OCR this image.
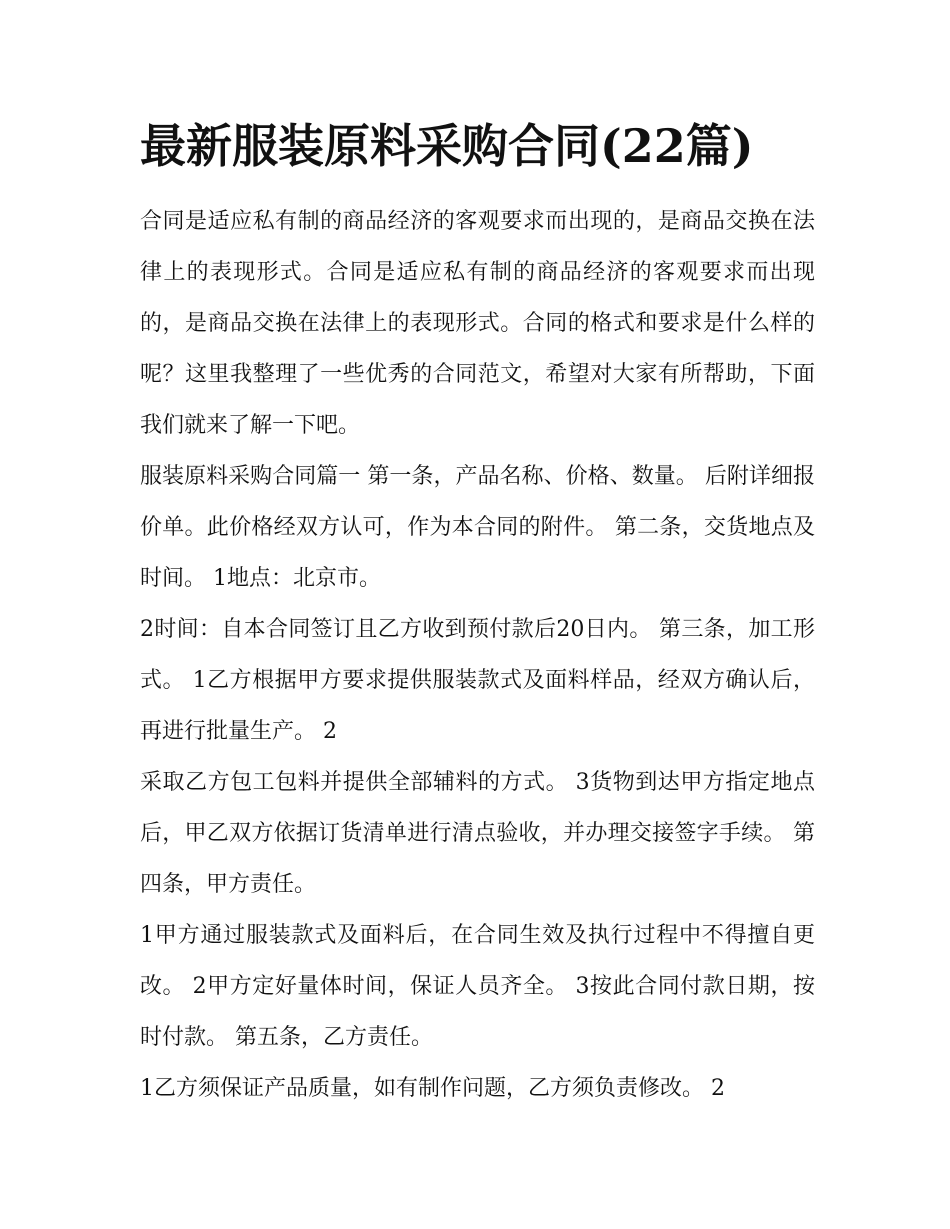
最新服装原料采购合同(22篇)

合同是适应私有制的商品经济的客观要求而出现的，是商品交换在法律上的表现形式。合同是适应私有制的商品经济的客观要求而出现的，是商品交换在法律上的表现形式。合同的格式和要求是什么样的呢？这里我整理了一些优秀的合同范文，希望对大家有所帮助，下面我们就来了解一下吧。

服装原料采购合同篇一 第一条，产品名称、价格、数量。 后附详细报价单。此价格经双方认可，作为本合同的附件。 第二条，交货地点及时间。 1地点：北京市。

2时间：自本合同签订且乙方收到预付款后20日内。 第三条，加工形式。 1乙方根据甲方要求提供服装款式及面料样品，经双方确认后，再进行批量生产。 2

采取乙方包工包料并提供全部辅料的方式。 3货物到达甲方指定地点后，甲乙双方依据订货清单进行清点验收，并办理交接签字手续。 第四条，甲方责任。

1甲方通过服装款式及面料后，在合同生效及执行过程中不得擅自更改。 2甲方定好量体时间，保证人员齐全。 3按此合同付款日期，按时付款。 第五条，乙方责任。

1乙方须保证产品质量，如有制作问题，乙方须负责修改。 2
